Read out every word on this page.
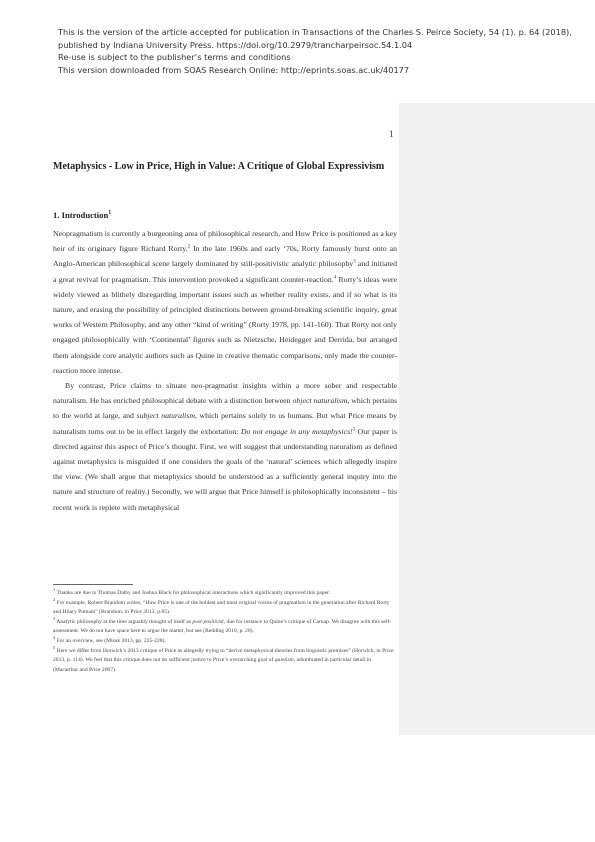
This is the version of the article accepted for publication in Transactions of the Charles S. Peirce Society, 54 (1). p. 64 (2018),
published by Indiana University Press. https://doi.org/10.2979/trancharpeirsoc.54.1.04
Re-use is subject to the publisher’s terms and conditions
This version downloaded from SOAS Research Online: http://eprints.soas.ac.uk/40177
1
Metaphysics - Low in Price, High in Value: A Critique of Global Expressivism
1. Introduction$^1$

Neopragmatism is currently a burgeoning area of philosophical research, and Huw Price is positioned as a key heir of its originary figure Richard Rorty.$^2$ In the late 1960s and early ‘70s, Rorty famously burst onto an Anglo-American philosophical scene largely dominated by still-positivistic analytic philosophy$^3$ and initiated a great revival for pragmatism. This intervention provoked a significant counter-reaction.$^4$ Rorty’s ideas were widely viewed as blithely disregarding important issues such as whether reality exists, and if so what is its nature, and erasing the possibility of principled distinctions between ground-breaking scientific inquiry, great works of Western Philosophy, and any other “kind of writing” (Rorty 1978, pp. 141-160). That Rorty not only engaged philosophically with ‘Continental’ figures such as Nietzsche, Heidegger and Derrida, but arranged them alongside core analytic authors such as Quine in creative thematic comparisons, only made the counter-reaction more intense.

By contrast, Price claims to situate neo-pragmatist insights within a more sober and respectable naturalism. He has enriched philosophical debate with a distinction between object naturalism, which pertains to the world at large, and subject naturalism, which pertains solely to us humans. But what Price means by naturalism turns out to be in effect largely the exhortation: Do not engage in any metaphysics!$^5$ Our paper is directed against this aspect of Price’s thought. First, we will suggest that understanding naturalism as defined against metaphysics is misguided if one considers the goals of the ‘natural’ sciences which allegedly inspire the view. (We shall argue that metaphysics should be understood as a sufficiently general inquiry into the nature and structure of reality.) Secondly, we will argue that Price himself is philosophically inconsistent – his recent work is replete with metaphysical

$^1$ Thanks are due to Thomas Dalby and Joshua Black for philosophical interactions which significantly improved this paper.

$^2$ For example, Robert Brandom writes, “Huw Price is one of the boldest and most original voices of pragmatism in the generation after Richard Rorty and Hilary Putnam” (Brandom, in Price 2013, p.85).

$^3$ Analytic philosophy at the time arguably thought of itself as post-positivist, due for instance to Quine’s critique of Carnap. We disagree with this self-assessment. We do not have space here to argue the matter, but see (Redding 2010, p. 20).

$^4$ For an overview, see (Misak 2013, pp. 225-228).

$^5$ Here we differ from Horwich’s 2013 critique of Price as allegedly trying to “derive metaphysical theories from linguistic premises” (Horwich, in Price 2013, p. 114). We feel that this critique does not do sufficient justice to Price’s overarching goal of quietism, adumbrated in particular detail in (Macarthur and Price 2007).
